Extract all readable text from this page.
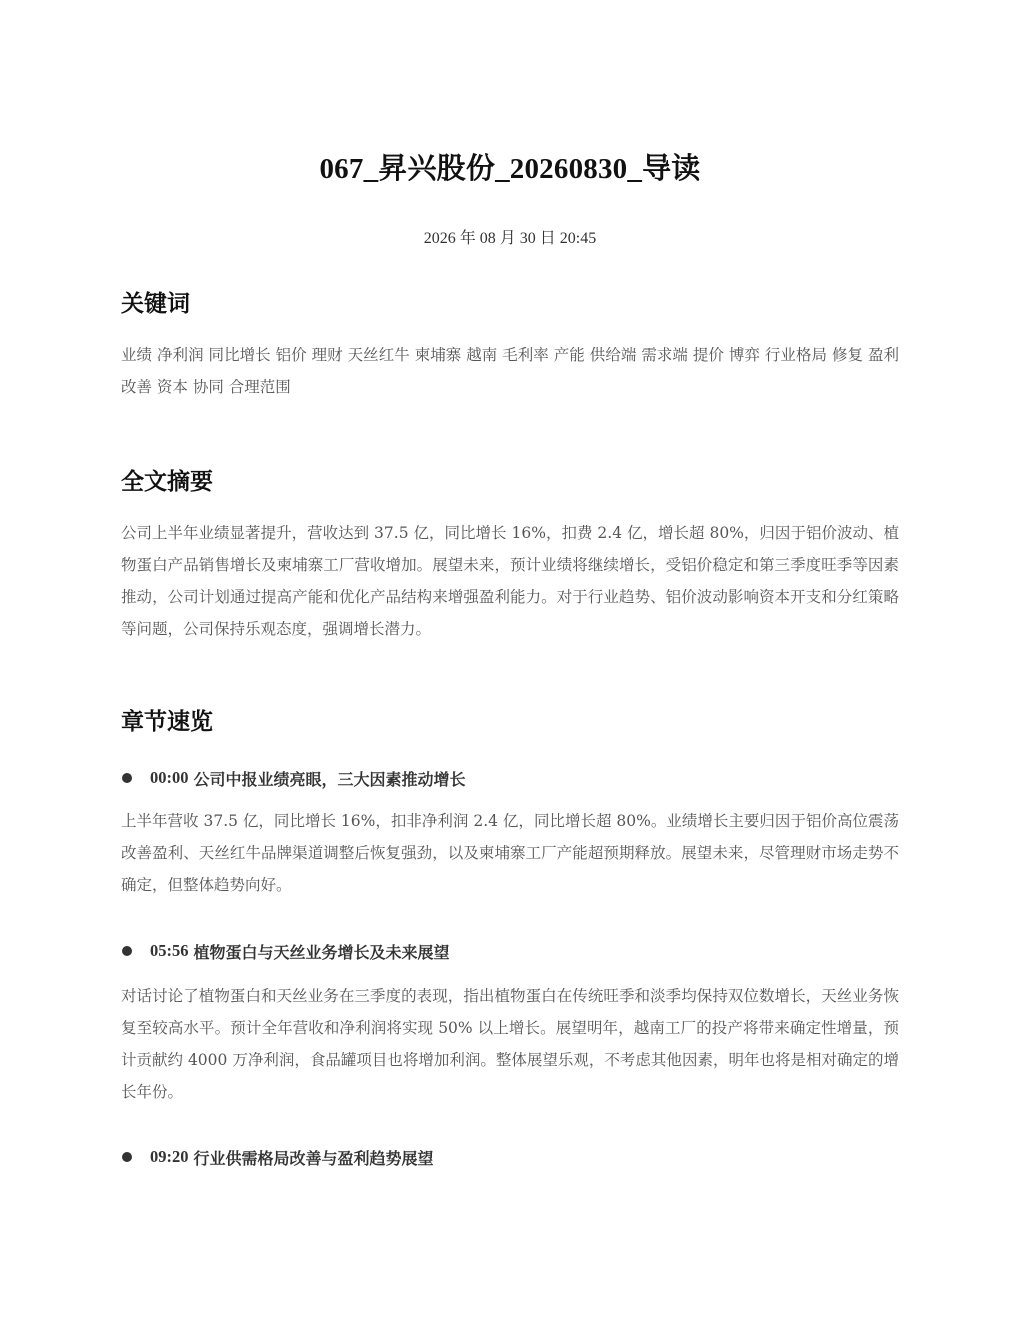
067_昇兴股份_20260830_导读
2026 年 08 月 30 日 20:45
关键词

业绩 净利润 同比增长 铝价 理财 天丝红牛 柬埔寨 越南 毛利率 产能 供给端 需求端 提价 博弈 行业格局 修复 盈利改善 资本 协同 合理范围

全文摘要

公司上半年业绩显著提升，营收达到 37.5 亿，同比增长 16%，扣费 2.4 亿，增长超 80%，归因于铝价波动、植物蛋白产品销售增长及柬埔寨工厂营收增加。展望未来，预计业绩将继续增长，受铝价稳定和第三季度旺季等因素推动，公司计划通过提高产能和优化产品结构来增强盈利能力。对于行业趋势、铝价波动影响资本开支和分红策略等问题，公司保持乐观态度，强调增长潜力。

章节速览
00:00 公司中报业绩亮眼，三大因素推动增长

上半年营收 37.5 亿，同比增长 16%，扣非净利润 2.4 亿，同比增长超 80%。业绩增长主要归因于铝价高位震荡改善盈利、天丝红牛品牌渠道调整后恢复强劲，以及柬埔寨工厂产能超预期释放。展望未来，尽管理财市场走势不确定，但整体趋势向好。

05:56 植物蛋白与天丝业务增长及未来展望

对话讨论了植物蛋白和天丝业务在三季度的表现，指出植物蛋白在传统旺季和淡季均保持双位数增长，天丝业务恢复至较高水平。预计全年营收和净利润将实现 50% 以上增长。展望明年，越南工厂的投产将带来确定性增量，预计贡献约 4000 万净利润，食品罐项目也将增加利润。整体展望乐观，不考虑其他因素，明年也将是相对确定的增长年份。

09:20 行业供需格局改善与盈利趋势展望
